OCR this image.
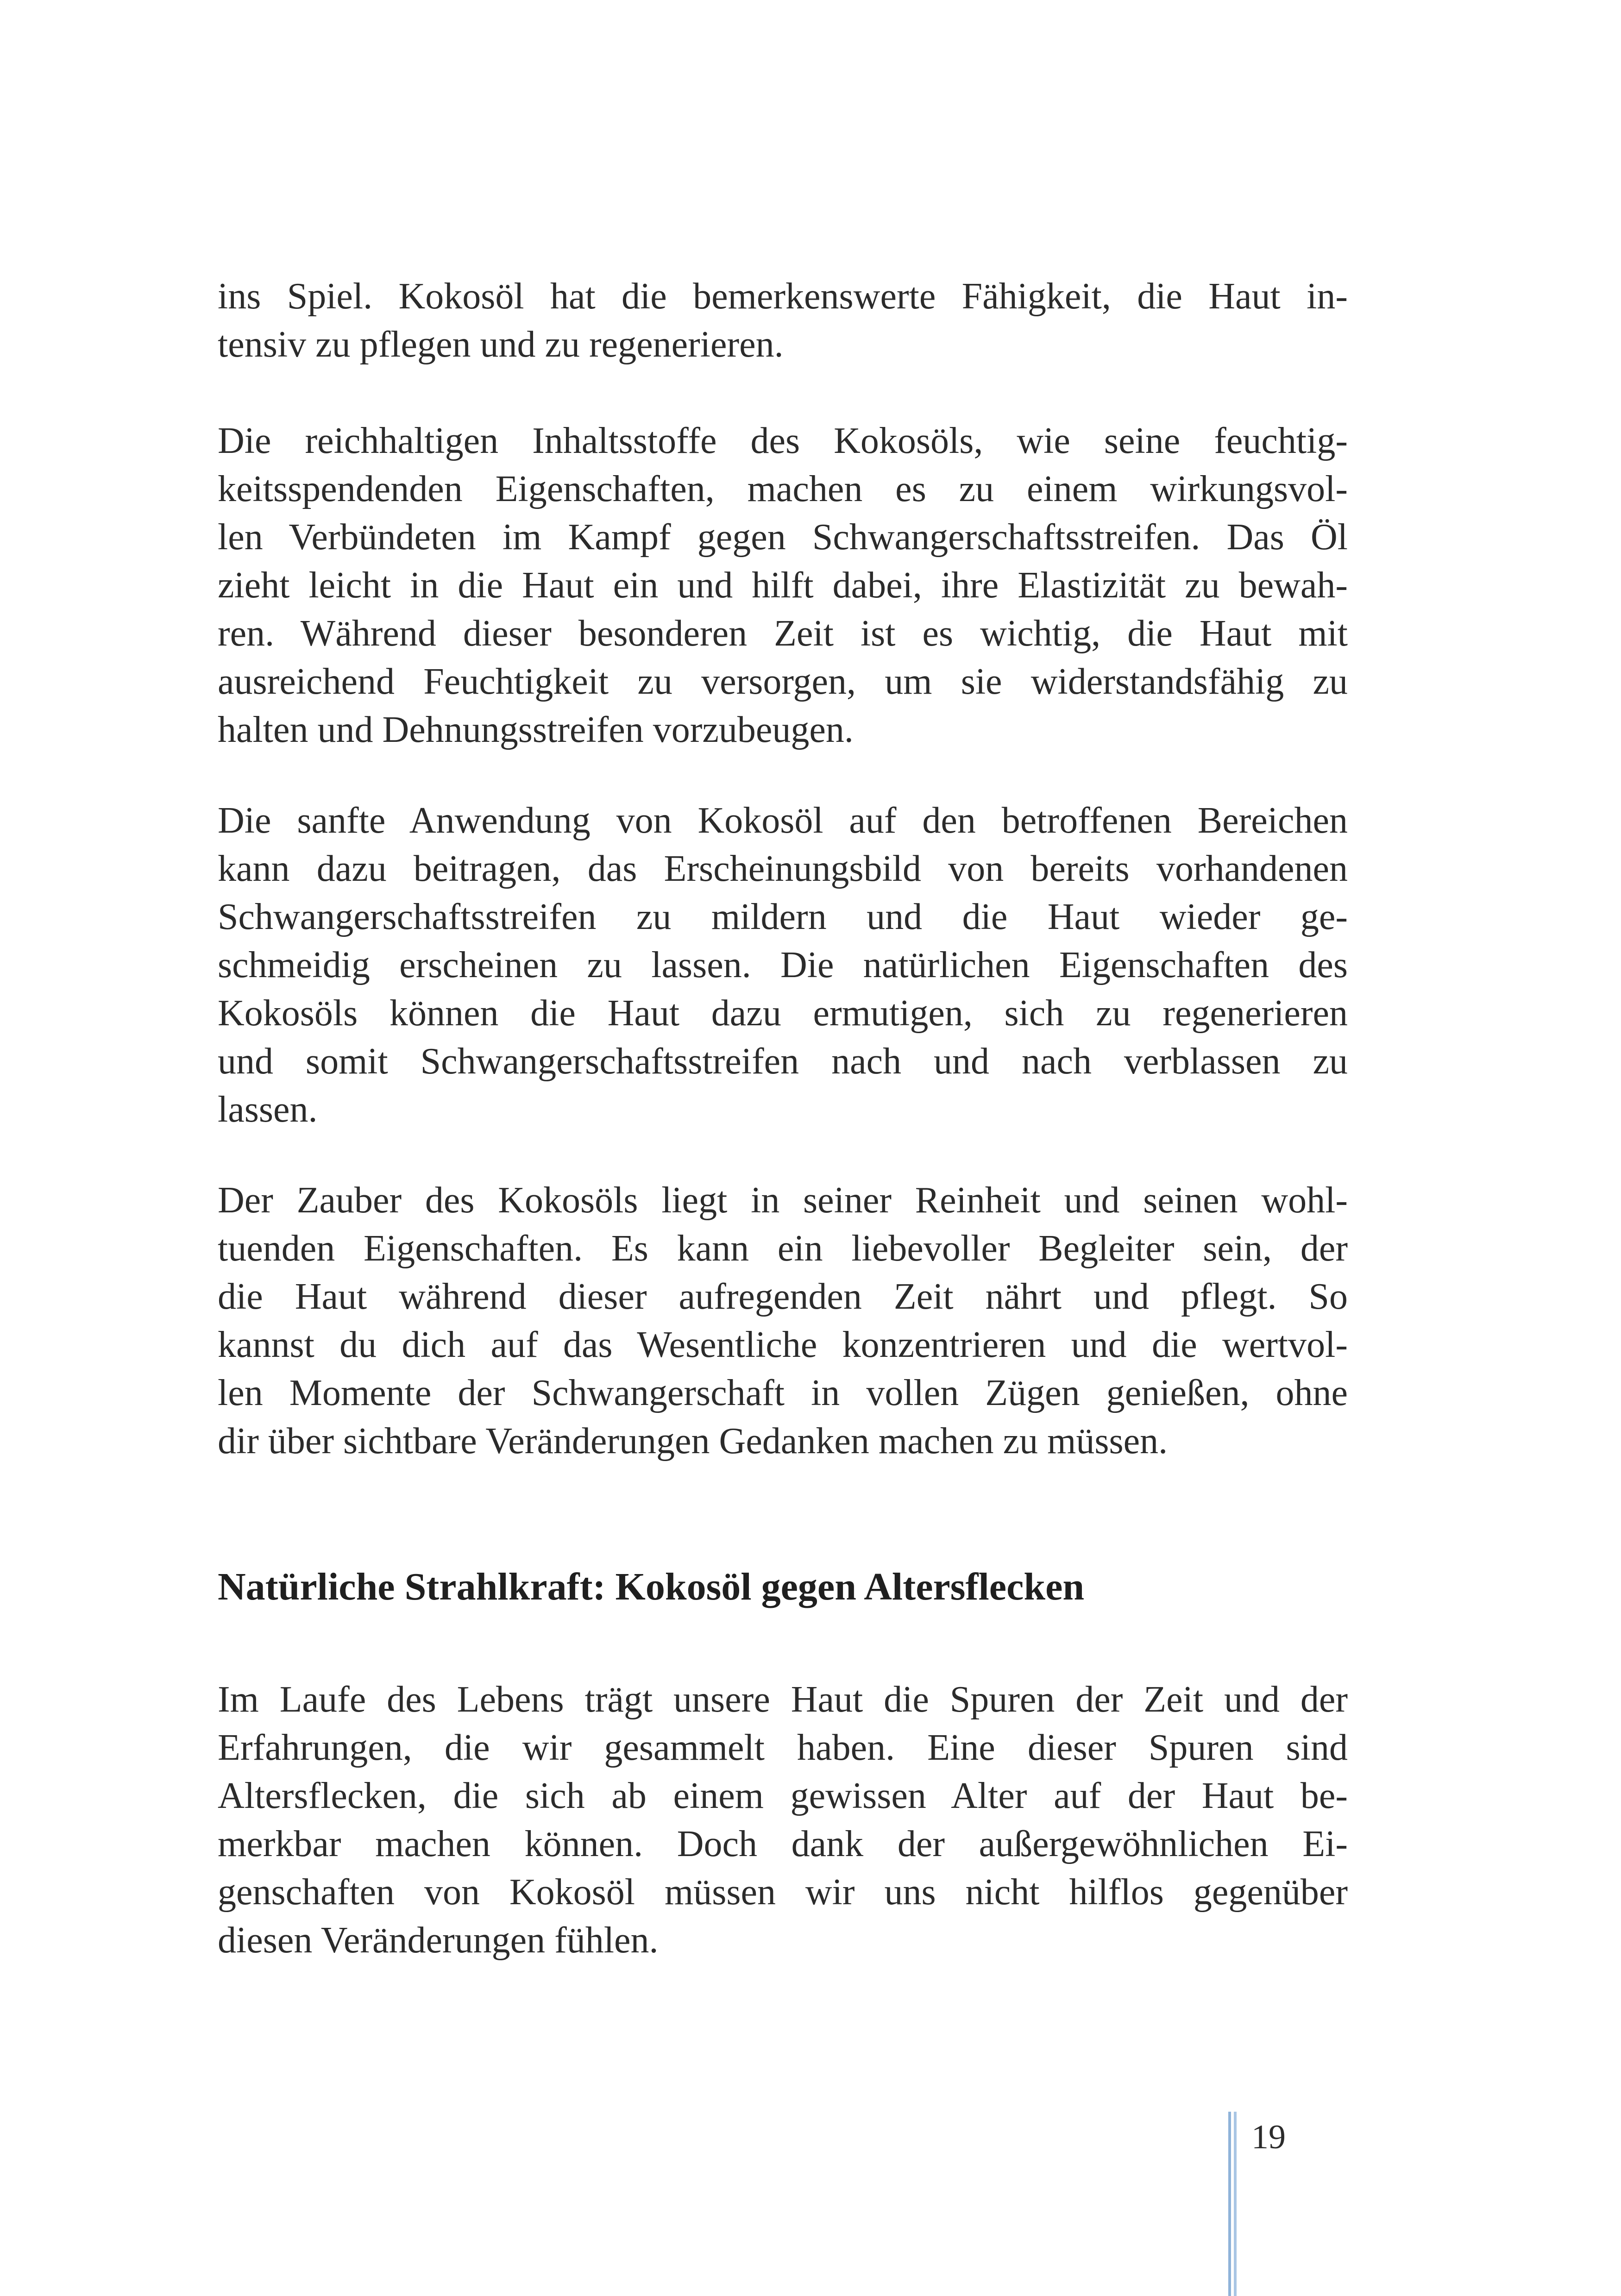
ins Spiel. Kokosöl hat die bemerkenswerte Fähigkeit, die Haut in-
tensiv zu pflegen und zu regenerieren.
Die reichhaltigen Inhaltsstoffe des Kokosöls, wie seine feuchtig-
keitsspendenden Eigenschaften, machen es zu einem wirkungsvol-
len Verbündeten im Kampf gegen Schwangerschaftsstreifen. Das Öl
zieht leicht in die Haut ein und hilft dabei, ihre Elastizität zu bewah-
ren. Während dieser besonderen Zeit ist es wichtig, die Haut mit
ausreichend Feuchtigkeit zu versorgen, um sie widerstandsfähig zu
halten und Dehnungsstreifen vorzubeugen.
Die sanfte Anwendung von Kokosöl auf den betroffenen Bereichen
kann dazu beitragen, das Erscheinungsbild von bereits vorhandenen
Schwangerschaftsstreifen zu mildern und die Haut wieder ge-
schmeidig erscheinen zu lassen. Die natürlichen Eigenschaften des
Kokosöls können die Haut dazu ermutigen, sich zu regenerieren
und somit Schwangerschaftsstreifen nach und nach verblassen zu
lassen.
Der Zauber des Kokosöls liegt in seiner Reinheit und seinen wohl-
tuenden Eigenschaften. Es kann ein liebevoller Begleiter sein, der
die Haut während dieser aufregenden Zeit nährt und pflegt. So
kannst du dich auf das Wesentliche konzentrieren und die wertvol-
len Momente der Schwangerschaft in vollen Zügen genießen, ohne
dir über sichtbare Veränderungen Gedanken machen zu müssen.
Natürliche Strahlkraft: Kokosöl gegen Altersflecken
Im Laufe des Lebens trägt unsere Haut die Spuren der Zeit und der
Erfahrungen, die wir gesammelt haben. Eine dieser Spuren sind
Altersflecken, die sich ab einem gewissen Alter auf der Haut be-
merkbar machen können. Doch dank der außergewöhnlichen Ei-
genschaften von Kokosöl müssen wir uns nicht hilflos gegenüber
diesen Veränderungen fühlen.
19
